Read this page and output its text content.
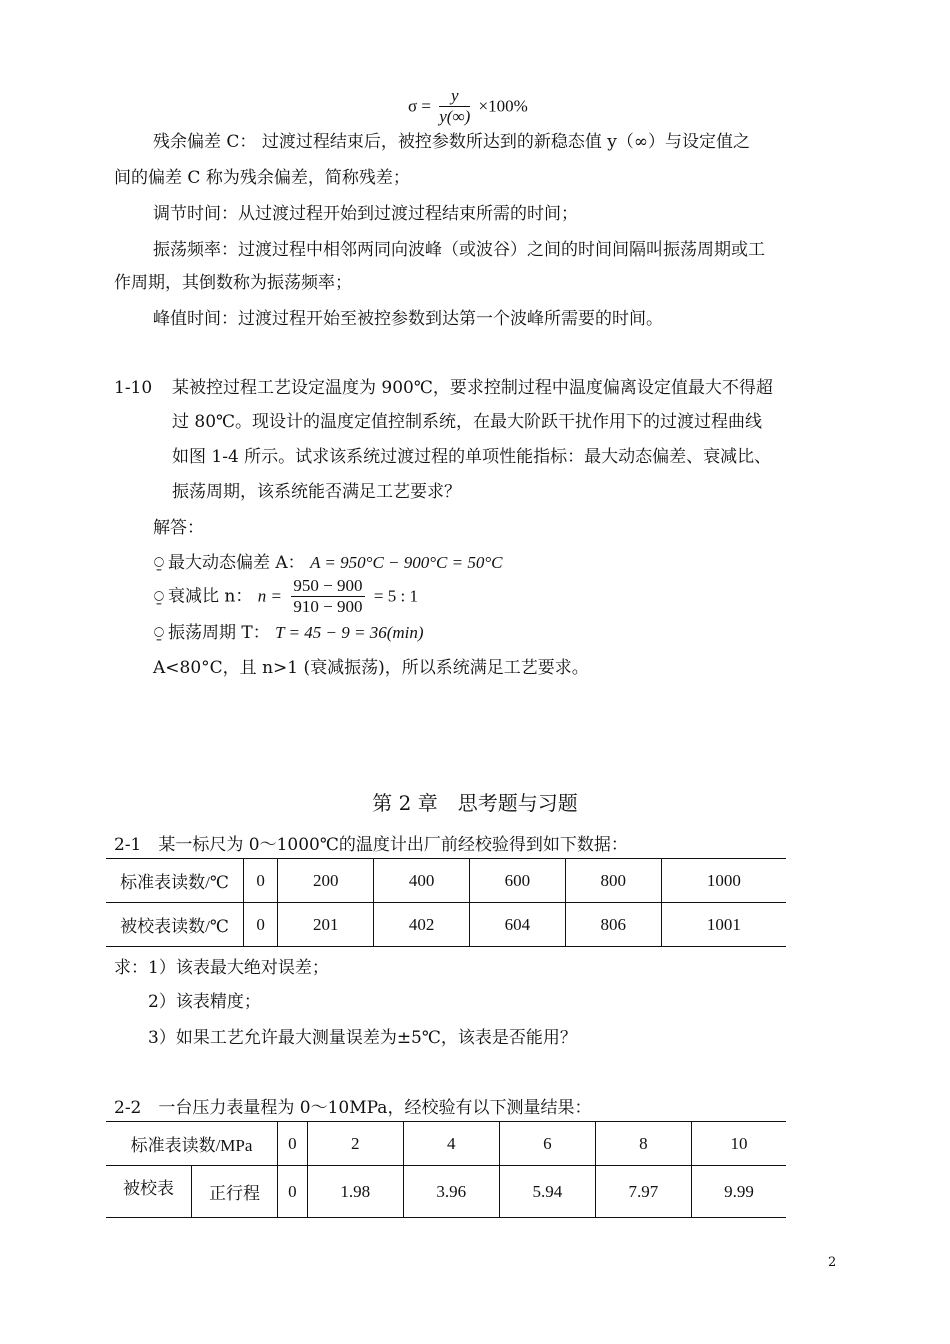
$\sigma = \frac{y}{y(\infty)} \times 100\%$
残余偏差 C： 过渡过程结束后，被控参数所达到的新稳态值 y（∞）与设定值之
间的偏差 C 称为残余偏差，简称残差；
调节时间：从过渡过程开始到过渡过程结束所需的时间；
振荡频率：过渡过程中相邻两同向波峰（或波谷）之间的时间间隔叫振荡周期或工
作周期，其倒数称为振荡频率；
峰值时间：过渡过程开始至被控参数到达第一个波峰所需要的时间。
1-10 某被控过程工艺设定温度为 900℃，要求控制过程中温度偏离设定值最大不得超
过 80℃。现设计的温度定值控制系统，在最大阶跃干扰作用下的过渡过程曲线
如图 1-4 所示。试求该系统过渡过程的单项性能指标：最大动态偏差、衰减比、
振荡周期，该系统能否满足工艺要求？
解答：
⍜ 最大动态偏差 A： A = 950°C − 900°C = 50°C
⍜ 衰减比 n： $n = \frac{950 - 900}{910 - 900} = 5$ : 1
⍜ 振荡周期 T： T = 45 − 9 = 36(min)
A<80°C，且 n>1 (衰减振荡)，所以系统满足工艺要求。
第 2 章　思考题与习题
2-1　某一标尺为 0～1000℃的温度计出厂前经校验得到如下数据：
标准表读数/℃	0	200	400	600	800	1000
被校表读数/℃	0	201	402	604	806	1001
求：1）该表最大绝对误差；
2）该表精度；
3）如果工艺允许最大测量误差为±5℃，该表是否能用？
2-2　一台压力表量程为 0～10MPa，经校验有以下测量结果：
标准表读数/MPa		0	2	4	6	8	10
被校表	正行程	0	1.98	3.96	5.94	7.97	9.99
2
